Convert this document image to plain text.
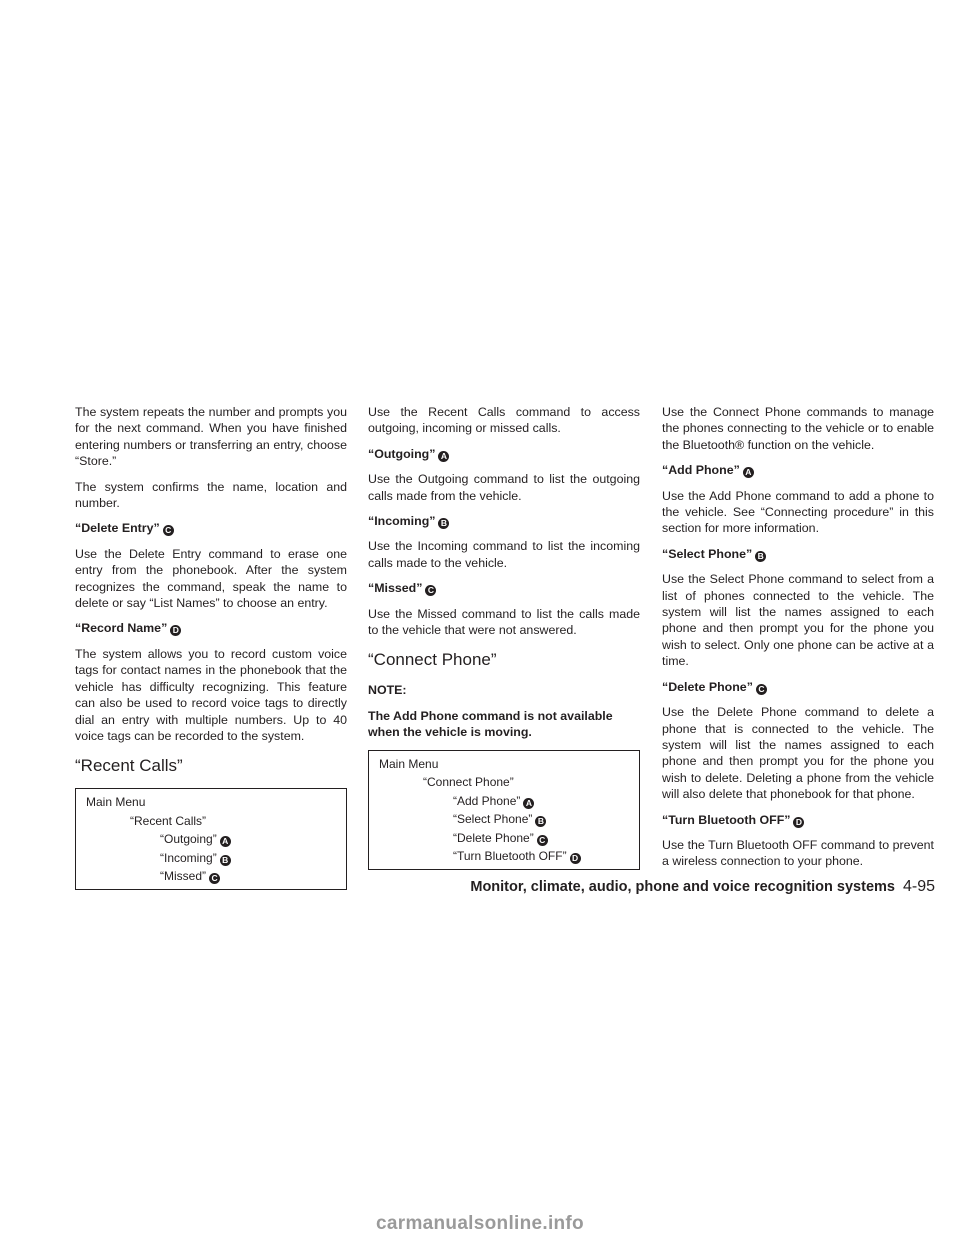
The system repeats the number and prompts you for the next command. When you have finished entering numbers or transferring an entry, choose “Store.”

The system confirms the name, location and number.

“Delete Entry” C

Use the Delete Entry command to erase one entry from the phonebook. After the system recognizes the command, speak the name to delete or say “List Names” to choose an entry.

“Record Name” D

The system allows you to record custom voice tags for contact names in the phonebook that the vehicle has difficulty recognizing. This feature can also be used to record voice tags to directly dial an entry with multiple numbers. Up to 40 voice tags can be recorded to the system.

“Recent Calls”
Main Menu
“Recent Calls”
“Outgoing” A
“Incoming” B
“Missed” C

Use the Recent Calls command to access outgoing, incoming or missed calls.

“Outgoing” A

Use the Outgoing command to list the outgoing calls made from the vehicle.

“Incoming” B

Use the Incoming command to list the incoming calls made to the vehicle.

“Missed” C

Use the Missed command to list the calls made to the vehicle that were not answered.

“Connect Phone”
NOTE:
The Add Phone command is not available when the vehicle is moving.
Main Menu
“Connect Phone”
“Add Phone” A
“Select Phone” B
“Delete Phone” C
“Turn Bluetooth OFF” D

Use the Connect Phone commands to manage the phones connecting to the vehicle or to enable the Bluetooth® function on the vehicle.

“Add Phone” A

Use the Add Phone command to add a phone to the vehicle. See “Connecting procedure” in this section for more information.

“Select Phone” B

Use the Select Phone command to select from a list of phones connected to the vehicle. The system will list the names assigned to each phone and then prompt you for the phone you wish to select. Only one phone can be active at a time.

“Delete Phone” C

Use the Delete Phone command to delete a phone that is connected to the vehicle. The system will list the names assigned to each phone and then prompt you for the phone you wish to delete. Deleting a phone from the vehicle will also delete that phonebook for that phone.

“Turn Bluetooth OFF” D

Use the Turn Bluetooth OFF command to prevent a wireless connection to your phone.

Monitor, climate, audio, phone and voice recognition systems 4-95
carmanualsonline.info
